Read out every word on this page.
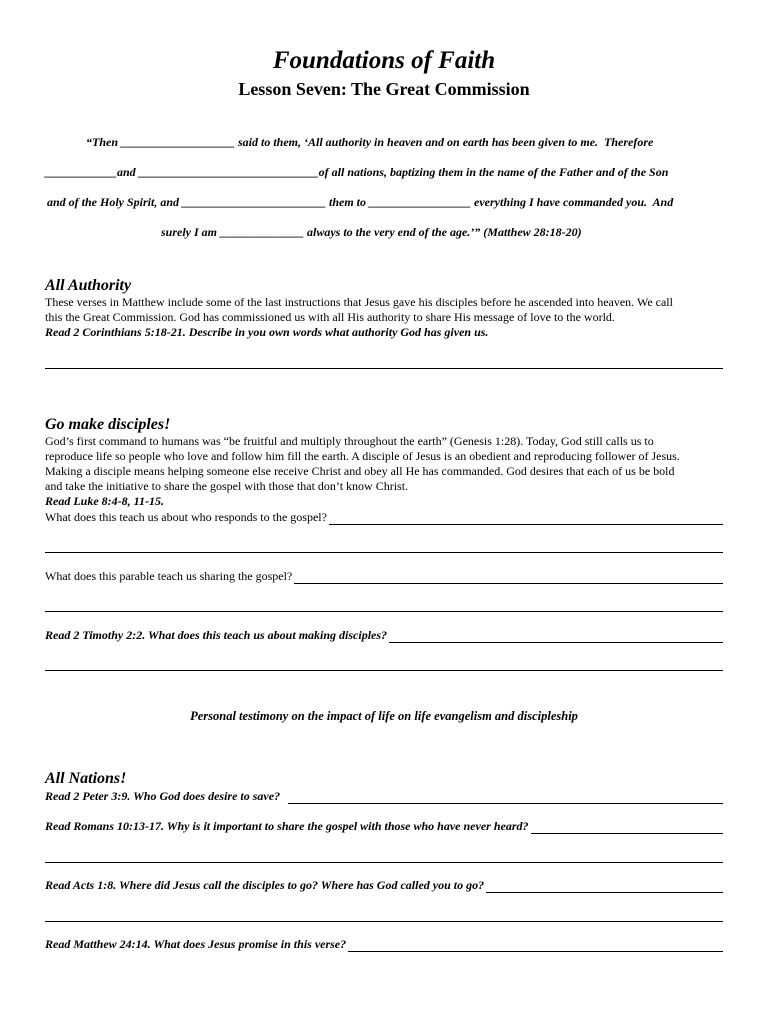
Foundations of Faith
Lesson Seven: The Great Commission
“Then ___________________ said to them, ‘All authority in heaven and on earth has been given to me.  Therefore
____________and ______________________________of all nations, baptizing them in the name of the Father and of the Son
and of the Holy Spirit, and ________________________ them to _________________ everything I have commanded you.  And
surely I am ______________ always to the very end of the age.’” (Matthew 28:18-20)
All Authority
These verses in Matthew include some of the last instructions that Jesus gave his disciples before he ascended into heaven. We call
this the Great Commission. God has commissioned us with all His authority to share His message of love to the world.
Read 2 Corinthians 5:18-21. Describe in you own words what authority God has given us.
Go make disciples!
God’s first command to humans was “be fruitful and multiply throughout the earth” (Genesis 1:28). Today, God still calls us to
reproduce life so people who love and follow him fill the earth. A disciple of Jesus is an obedient and reproducing follower of Jesus.
Making a disciple means helping someone else receive Christ and obey all He has commanded. God desires that each of us be bold
and take the initiative to share the gospel with those that don’t know Christ.
Read Luke 8:4-8, 11-15.
What does this teach us about who responds to the gospel?
What does this parable teach us sharing the gospel?
Read 2 Timothy 2:2. What does this teach us about making disciples?
Personal testimony on the impact of life on life evangelism and discipleship
All Nations!
Read 2 Peter 3:9. Who God does desire to save?
Read Romans 10:13-17. Why is it important to share the gospel with those who have never heard?
Read Acts 1:8. Where did Jesus call the disciples to go? Where has God called you to go?
Read Matthew 24:14. What does Jesus promise in this verse?
